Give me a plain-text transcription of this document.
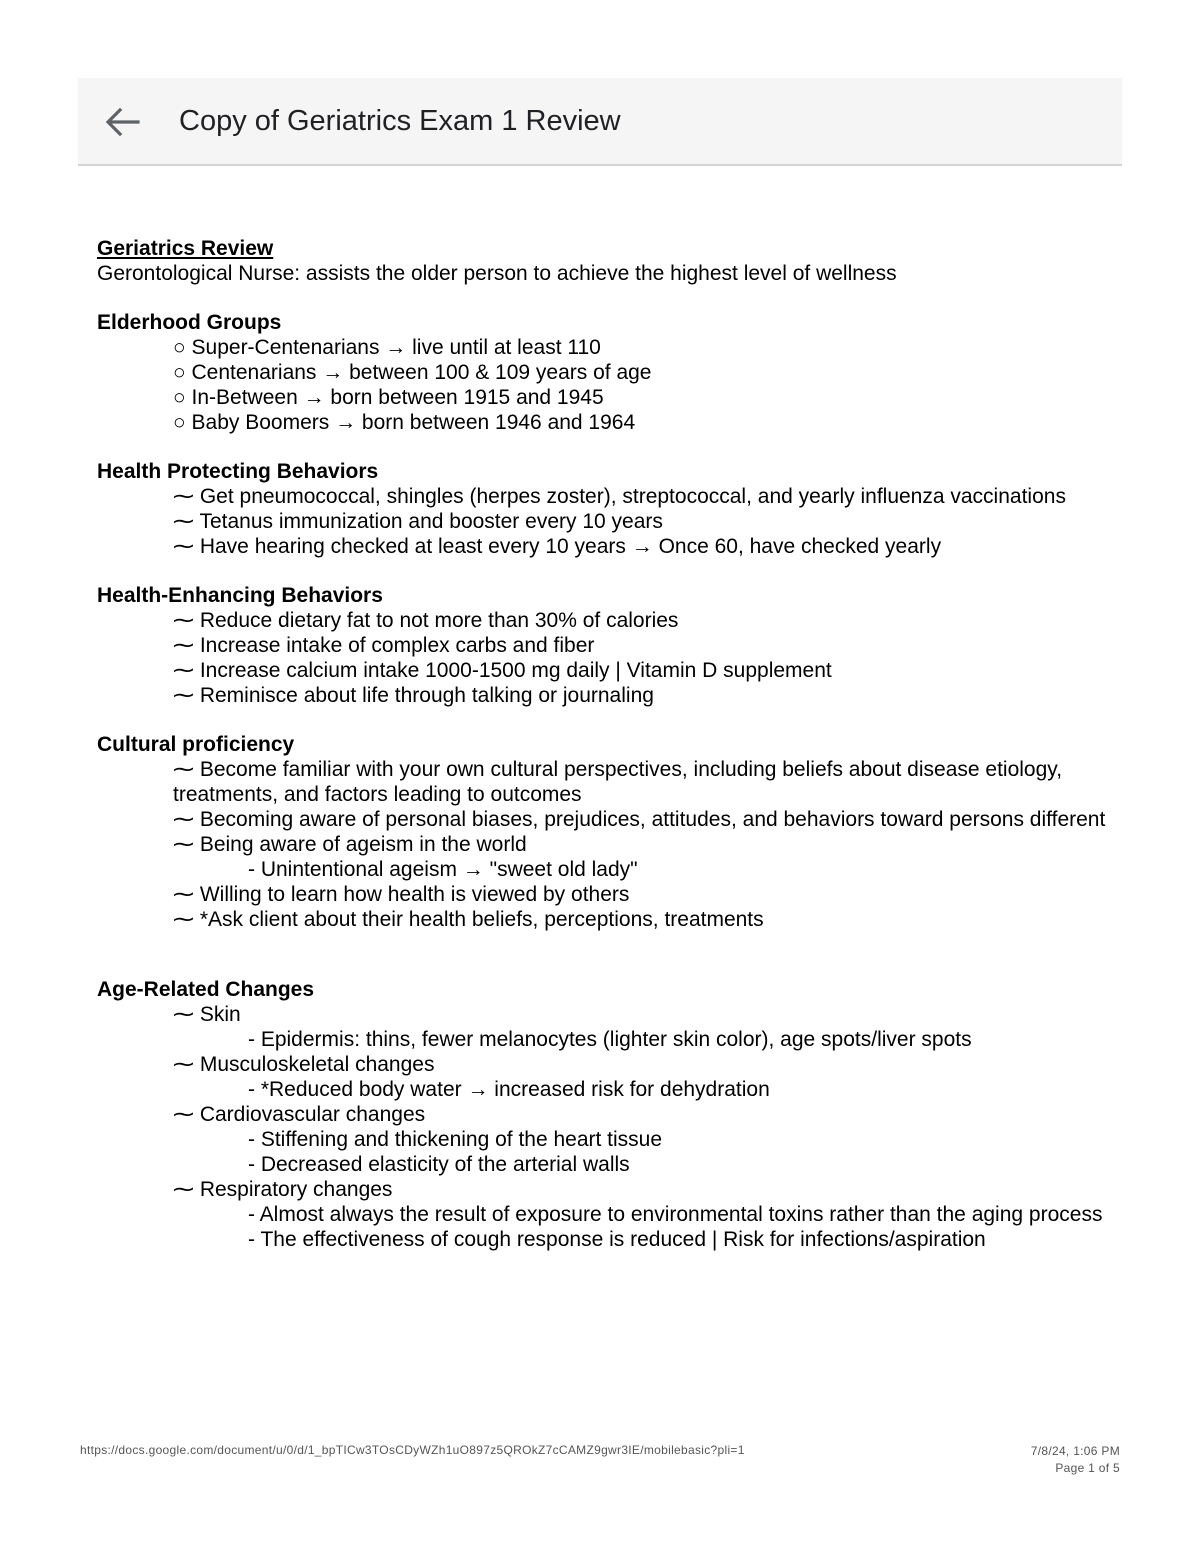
Copy of Geriatrics Exam 1 Review

Geriatrics Review

Gerontological Nurse: assists the older person to achieve the highest level of wellness

Elderhood Groups

○ Super-Centenarians → live until at least 110

○ Centenarians → between 100 & 109 years of age

○ In-Between → born between 1915 and 1945

○ Baby Boomers → born between 1946 and 1964

Health Protecting Behaviors

⁓ Get pneumococcal, shingles (herpes zoster), streptococcal, and yearly influenza vaccinations

⁓ Tetanus immunization and booster every 10 years

⁓ Have hearing checked at least every 10 years → Once 60, have checked yearly

Health-Enhancing Behaviors

⁓ Reduce dietary fat to not more than 30% of calories

⁓ Increase intake of complex carbs and fiber

⁓ Increase calcium intake 1000-1500 mg daily | Vitamin D supplement

⁓ Reminisce about life through talking or journaling

Cultural proficiency

⁓ Become familiar with your own cultural perspectives, including beliefs about disease etiology, treatments, and factors leading to outcomes

⁓ Becoming aware of personal biases, prejudices, attitudes, and behaviors toward persons different

⁓ Being aware of ageism in the world

- Unintentional ageism → "sweet old lady"

⁓ Willing to learn how health is viewed by others

⁓ *Ask client about their health beliefs, perceptions, treatments

Age-Related Changes

⁓ Skin

- Epidermis: thins, fewer melanocytes (lighter skin color), age spots/liver spots

⁓ Musculoskeletal changes

- *Reduced body water → increased risk for dehydration

⁓ Cardiovascular changes

- Stiffening and thickening of the heart tissue

- Decreased elasticity of the arterial walls

⁓ Respiratory changes

- Almost always the result of exposure to environmental toxins rather than the aging process

- The effectiveness of cough response is reduced | Risk for infections/aspiration

https://docs.google.com/document/u/0/d/1_bpTICw3TOsCDyWZh1uO897z5QROkZ7cCAMZ9gwr3IE/mobilebasic?pli=1	7/8/24, 1:06 PM
Page 1 of 5
